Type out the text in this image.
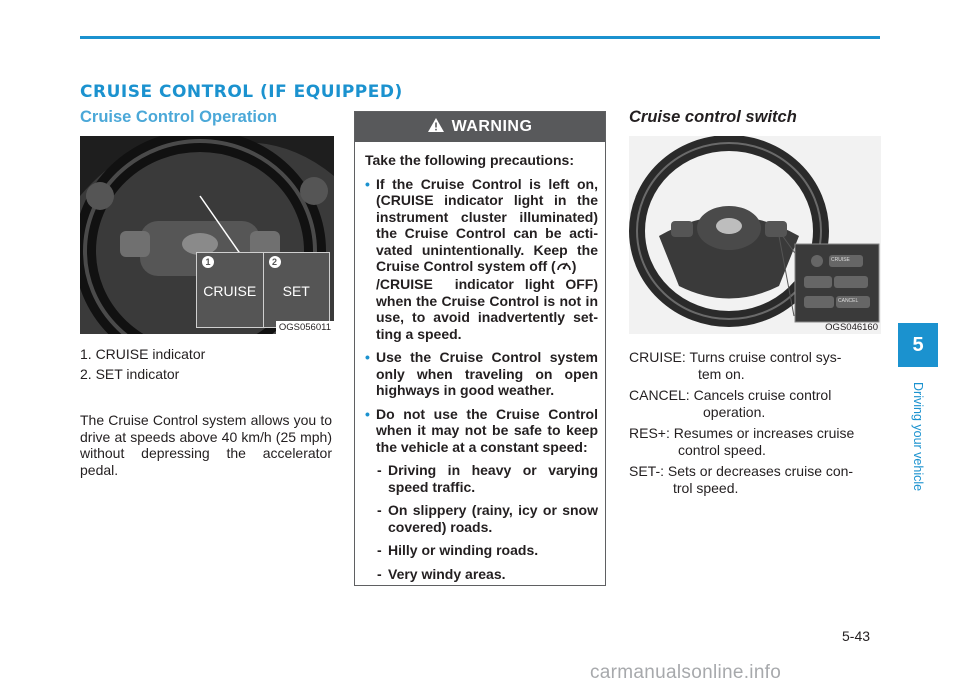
CRUISE CONTROL (IF EQUIPPED)
Cruise Control Operation
1
CRUISE
2
SET
OGS056011
1. CRUISE indicator
2. SET indicator
The Cruise Control system allows you to drive at speeds above 40 km/h (25 mph) without depressing the accelerator pedal.
WARNING

Take the following precautions:

• If the Cruise Control is left on, (CRUISE indicator light in the instrument cluster illuminated) the Cruise Control can be acti-vated unintentionally. Keep the Cruise Control system off ( )
/CRUISE indicator light OFF) when the Cruise Control is not in use, to avoid inadvertently set-ting a speed.
• Use the Cruise Control system only when traveling on open highways in good weather.
• Do not use the Cruise Control when it may not be safe to keep the vehicle at a constant speed:
- Driving in heavy or varying speed traffic.
- On slippery (rainy, icy or snow covered) roads.
- Hilly or winding roads.
- Very windy areas.
Cruise control switch
CRUISE
CANCEL
OGS046160
CRUISE: Turns cruise control sys-
tem on.
CANCEL: Cancels cruise control
operation.
RES+: Resumes or increases cruise
control speed.
SET-: Sets or decreases cruise con-
trol speed.
5
Driving your vehicle
5-43
carmanualsonline.info
